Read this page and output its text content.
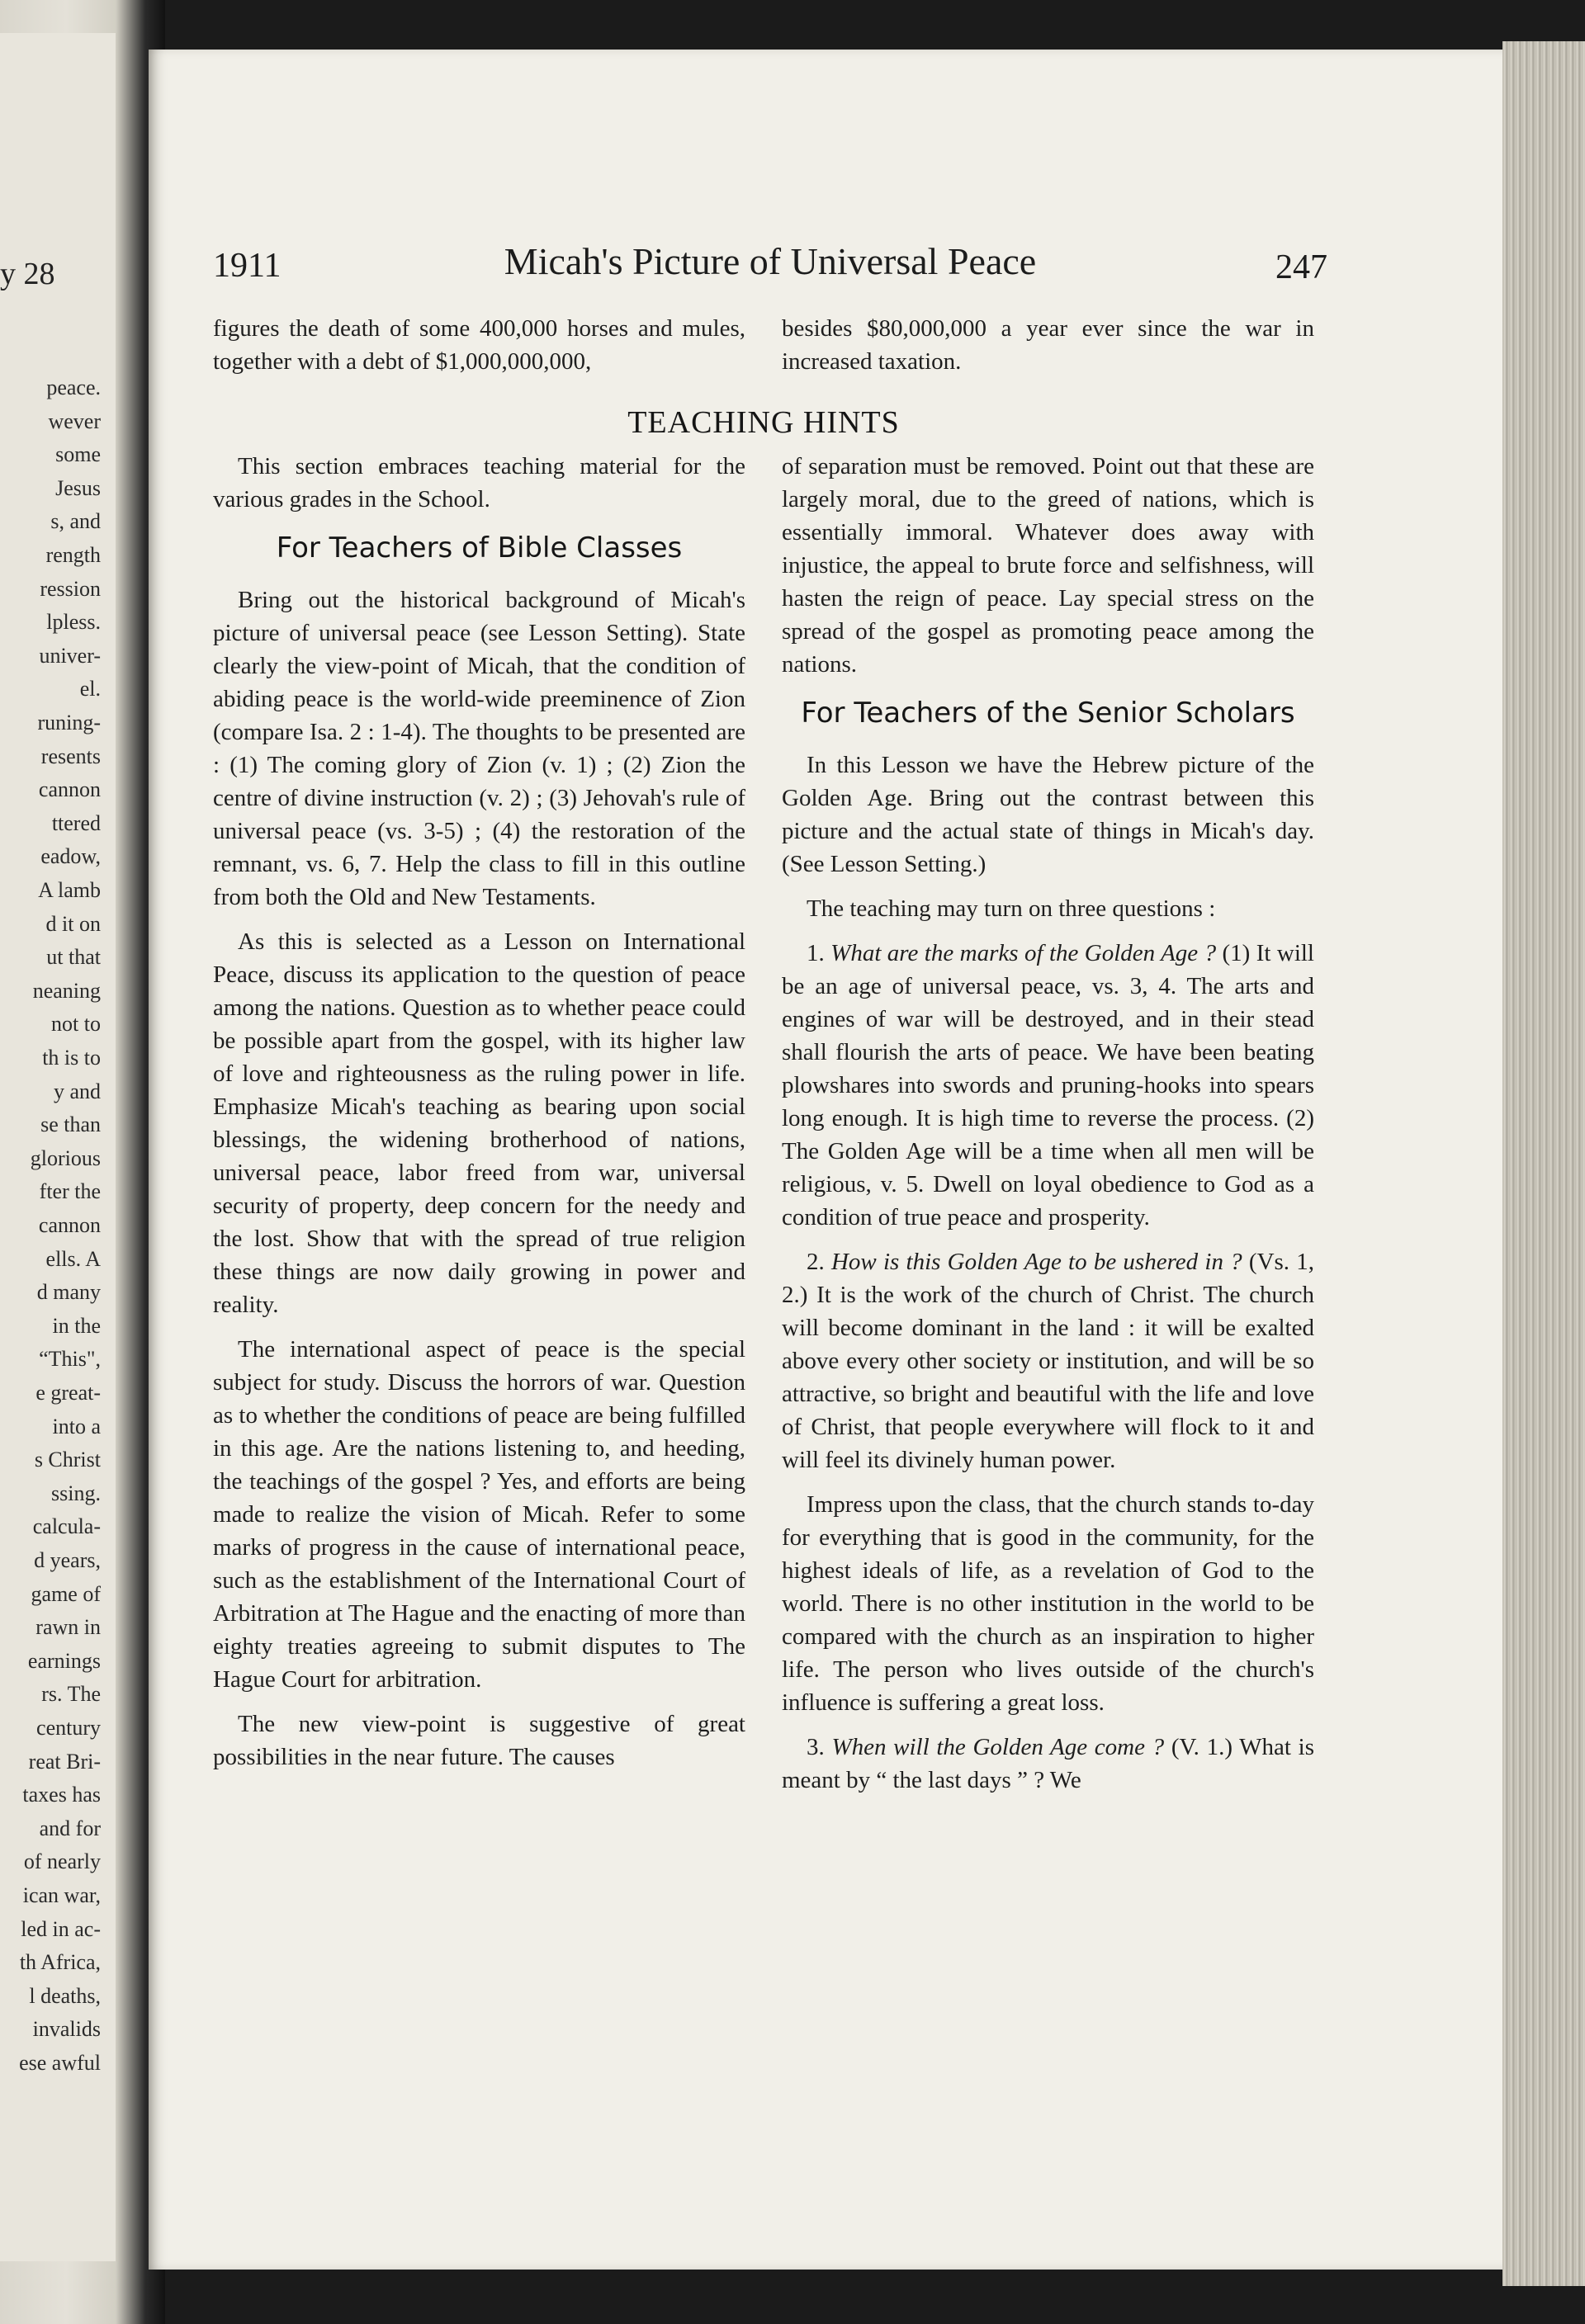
y 28
peace.
wever
some
Jesus
s, and
rength
ression
lpless.
univer-
el.
runing-
resents
cannon
ttered
eadow,
A lamb
d it on
ut that
neaning
not to
th is to
y and
se than
glorious
fter the
cannon
ells. A
d many
in the
“This",
e great-
into a
s Christ
ssing.
calcula-
d years,
game of
rawn in
earnings
rs. The
century
reat Bri-
taxes has
and for
of nearly
ican war,
led in ac-
th Africa,
l deaths,
invalids
ese awful
1911	Micah's Picture of Universal Peace	247

figures the death of some 400,000 horses and mules, together with a debt of $1,000,000,000,

besides $80,000,000 a year ever since the war in increased taxation.

TEACHING HINTS

This section embraces teaching material for the various grades in the School.

For Teachers of Bible Classes

Bring out the historical background of Micah's picture of universal peace (see Lesson Setting). State clearly the view-point of Micah, that the condition of abiding peace is the world-wide preeminence of Zion (compare Isa. 2 : 1-4). The thoughts to be presented are : (1) The coming glory of Zion (v. 1) ; (2) Zion the centre of divine instruction (v. 2) ; (3) Jehovah's rule of universal peace (vs. 3-5) ; (4) the restoration of the remnant, vs. 6, 7. Help the class to fill in this outline from both the Old and New Testaments.

As this is selected as a Lesson on International Peace, discuss its application to the question of peace among the nations. Question as to whether peace could be possible apart from the gospel, with its higher law of love and righteousness as the ruling power in life. Emphasize Micah's teaching as bearing upon social blessings, the widening brotherhood of nations, universal peace, labor freed from war, universal security of property, deep concern for the needy and the lost. Show that with the spread of true religion these things are now daily growing in power and reality.

The international aspect of peace is the special subject for study. Discuss the horrors of war. Question as to whether the conditions of peace are being fulfilled in this age. Are the nations listening to, and heeding, the teachings of the gospel ? Yes, and efforts are being made to realize the vision of Micah. Refer to some marks of progress in the cause of international peace, such as the establishment of the International Court of Arbitration at The Hague and the enacting of more than eighty treaties agreeing to submit disputes to The Hague Court for arbitration.

The new view-point is suggestive of great possibilities in the near future. The causes

of separation must be removed. Point out that these are largely moral, due to the greed of nations, which is essentially immoral. Whatever does away with injustice, the appeal to brute force and selfishness, will hasten the reign of peace. Lay special stress on the spread of the gospel as promoting peace among the nations.

For Teachers of the Senior Scholars

In this Lesson we have the Hebrew picture of the Golden Age. Bring out the contrast between this picture and the actual state of things in Micah's day. (See Lesson Setting.)

The teaching may turn on three questions :

1. What are the marks of the Golden Age ? (1) It will be an age of universal peace, vs. 3, 4. The arts and engines of war will be destroyed, and in their stead shall flourish the arts of peace. We have been beating plowshares into swords and pruning-hooks into spears long enough. It is high time to reverse the process. (2) The Golden Age will be a time when all men will be religious, v. 5. Dwell on loyal obedience to God as a condition of true peace and prosperity.

2. How is this Golden Age to be ushered in ? (Vs. 1, 2.) It is the work of the church of Christ. The church will become dominant in the land : it will be exalted above every other society or institution, and will be so attractive, so bright and beautiful with the life and love of Christ, that people everywhere will flock to it and will feel its divinely human power.

Impress upon the class, that the church stands to-day for everything that is good in the community, for the highest ideals of life, as a revelation of God to the world. There is no other institution in the world to be compared with the church as an inspiration to higher life. The person who lives outside of the church's influence is suffering a great loss.

3. When will the Golden Age come ? (V. 1.) What is meant by “ the last days ” ? We
